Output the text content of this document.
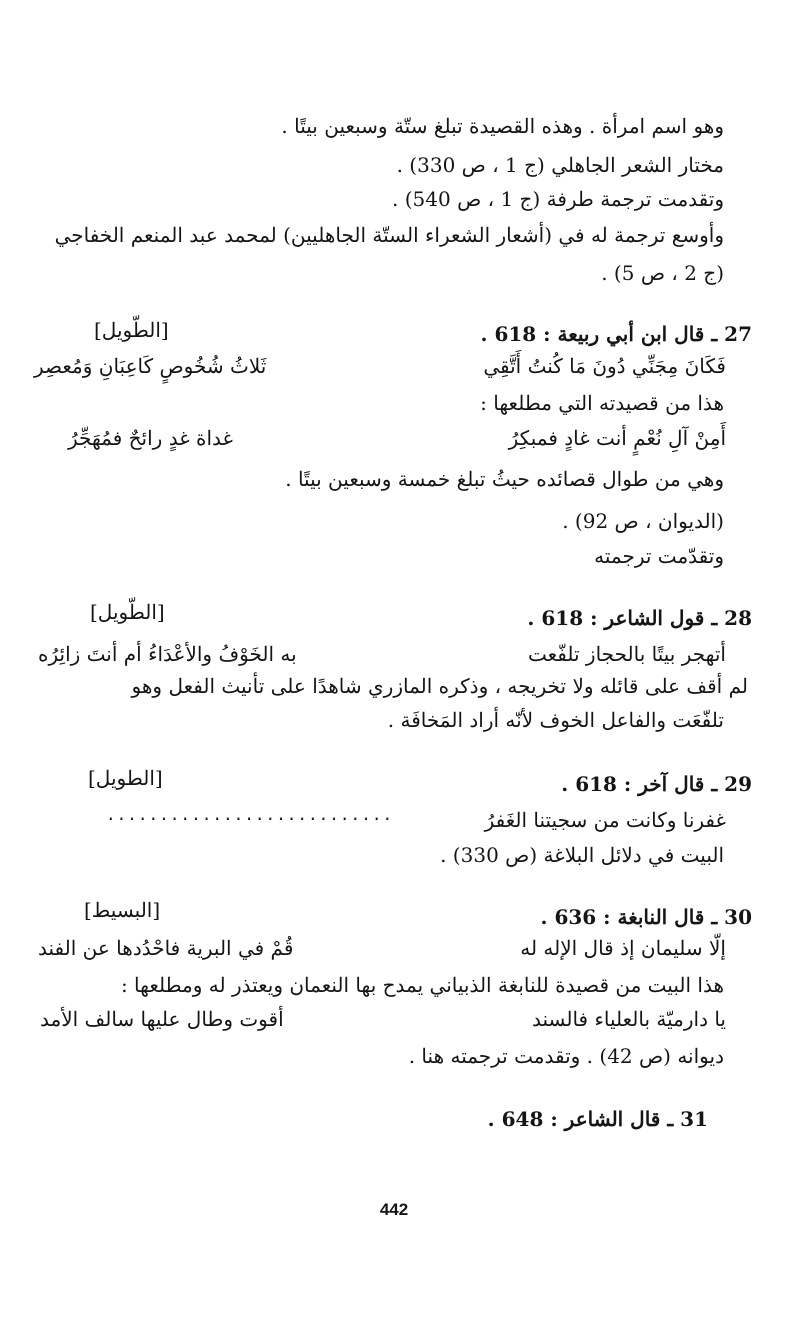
وهو اسم امرأة . وهذه القصيدة تبلغ ستّة وسبعين بيتًا .
مختار الشعر الجاهلي (ج 1 ، ص 330) .
وتقدمت ترجمة طرفة (ج 1 ، ص 540) .
وأوسع ترجمة له في (أشعار الشعراء الستّة الجاهليين) لمحمد عبد المنعم الخفاجي
(ج 2 ، ص 5) .
27 ـ قال ابن أبي ربيعة : 618 .
[الطّويل]
فَكَانَ مِجَنِّي دُونَ مَا كُنتُ أَتَّقِي
ثَلاثُ شُخُوصٍ كَاعِبَانِ وَمُعصِر
هذا من قصيدته التي مطلعها :
أَمِنْ آلِ نُعْمٍ أنت غادٍ فمبكِرُ
غداة غدٍ رائحٌ فمُهَجِّرُ
وهي من طوال قصائده حيثُ تبلغ خمسة وسبعين بيتًا .
(الديوان ، ص 92) .
وتقدّمت ترجمته
28 ـ قول الشاعر : 618 .
[الطّويل]
أتهجر بيتًا بالحجاز تلفّعت
به الخَوْفُ والأعْدَاءُ أم أنتَ زائِرُه
لم أقف على قائله ولا تخريجه ، وذكره المازري شاهدًا على تأنيث الفعل وهو
تلفّعَت والفاعل الخوف لأنّه أراد المَخافَة .
29 ـ قال آخر : 618 .
[الطويل]
...........................	غفرنا وكانت من سجيتنا الغَفرُ
البيت في دلائل البلاغة (ص 330) .
30 ـ قال النابغة : 636 .
[البسيط]
إلّا سليمان إذ قال الإله له
قُمْ في البرية فاحْدُدها عن الفند
هذا البيت من قصيدة للنابغة الذبياني يمدح بها النعمان ويعتذر له ومطلعها :
يا دارميّة بالعلياء فالسند
أقوت وطال عليها سالف الأمد
ديوانه (ص 42) . وتقدمت ترجمته هنا .
31 ـ قال الشاعر : 648 .
442
